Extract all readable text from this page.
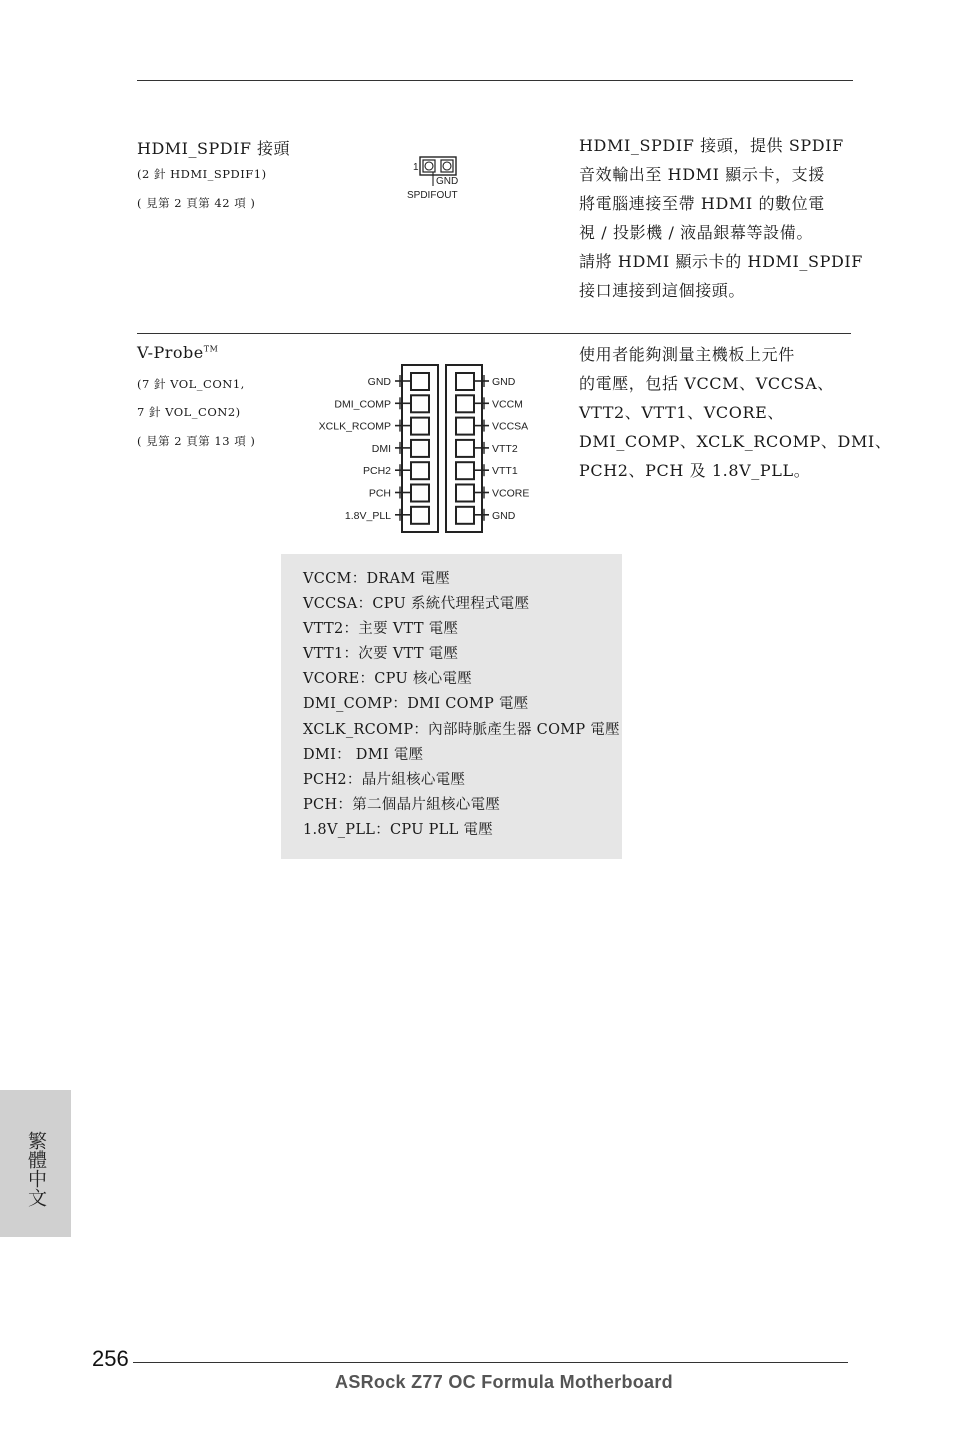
HDMI_SPDIF 接頭
(2 針 HDMI_SPDIF1)
( 見第 2 頁第 42 項 )
1
GND
SPDIFOUT
HDMI_SPDIF 接頭，提供 SPDIF
音效輸出至 HDMI 顯示卡，支援
將電腦連接至帶 HDMI 的數位電
視 / 投影機 / 液晶銀幕等設備。
請將 HDMI 顯示卡的 HDMI_SPDIF
接口連接到這個接頭。
V-Probe™
(7 針 VOL_CON1,
7 針 VOL_CON2)
( 見第 2 頁第 13 項 )
GND
DMI_COMP
XCLK_RCOMP
DMI
PCH2
PCH
1.8V_PLL
GND
VCCM
VCCSA
VTT2
VTT1
VCORE
GND
使用者能夠測量主機板上元件
的電壓，包括 VCCM、VCCSA、
VTT2、VTT1、VCORE、
DMI_COMP、XCLK_RCOMP、DMI、
PCH2、PCH 及 1.8V_PLL。
VCCM：DRAM 電壓
VCCSA：CPU 系統代理程式電壓
VTT2：主要 VTT 電壓
VTT1：次要 VTT 電壓
VCORE：CPU 核心電壓
DMI_COMP：DMI COMP 電壓
XCLK_RCOMP：內部時脈產生器 COMP 電壓
DMI： DMI 電壓
PCH2：晶片組核心電壓
PCH：第二個晶片組核心電壓
1.8V_PLL：CPU PLL 電壓
繁體中文
256
ASRock Z77 OC Formula Motherboard
